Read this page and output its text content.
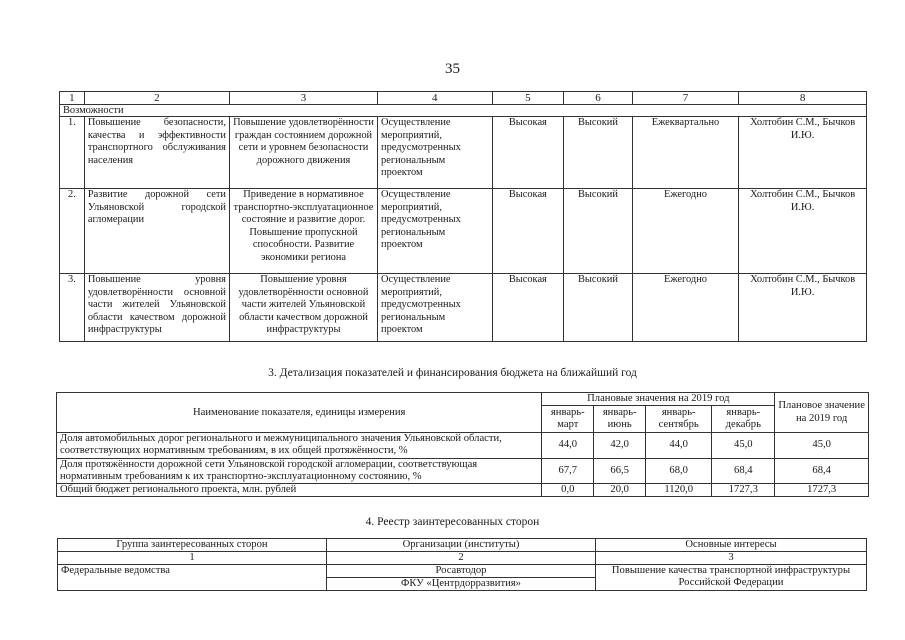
35
1	2	3	4	5	6	7	8
Возможности							
1.	Повышение безопасности, качества и эффективности транспортного обслуживания населения	Повышение удовлетворённости граждан состоянием дорожной сети и уровнем безопасности дорожного движения	Осуществление мероприятий, предусмотренных региональным проектом	Высокая	Высокий	Ежеквартально	Холтобин С.М., Бычков И.Ю.
2.	Развитие дорожной сети Ульяновской городской агломерации	Приведение в нормативное транспортно-эксплуатационное состояние и развитие дорог. Повышение пропускной способности. Развитие экономики региона	Осуществление мероприятий, предусмотренных региональным проектом	Высокая	Высокий	Ежегодно	Холтобин С.М., Бычков И.Ю.
3.	Повышение уровня удовлетворённости основной части жителей Ульяновской области качеством дорожной инфраструктуры	Повышение уровня удовлетворённости основной части жителей Ульяновской области качеством дорожной инфраструктуры	Осуществление мероприятий, предусмотренных региональным проектом	Высокая	Высокий	Ежегодно	Холтобин С.М., Бычков И.Ю.
3. Детализация показателей и финансирования бюджета на ближайший год
Наименование показателя, единицы измерения	Плановые значения на 2019 год				Плановое значение на 2019 год
	январь-март	январь-июнь	январь-сентябрь	январь-декабрь	
Доля автомобильных дорог регионального и межмуниципального значения Ульяновской области, соответствующих нормативным требованиям, в их общей протяжённости, %	44,0	42,0	44,0	45,0	45,0
Доля протяжённости дорожной сети Ульяновской городской агломерации, соответствующая нормативным требованиям к их транспортно-эксплуатационному состоянию, %	67,7	66,5	68,0	68,4	68,4
Общий бюджет регионального проекта, млн. рублей	0,0	20,0	1120,0	1727,3	1727,3
4. Реестр заинтересованных сторон
Группа заинтересованных сторон	Организации (институты)	Основные интересы
1	2	3
Федеральные ведомства	Росавтодор	Повышение качества транспортной инфраструктуры Российской Федерации
	ФКУ «Центрдорразвития»	
